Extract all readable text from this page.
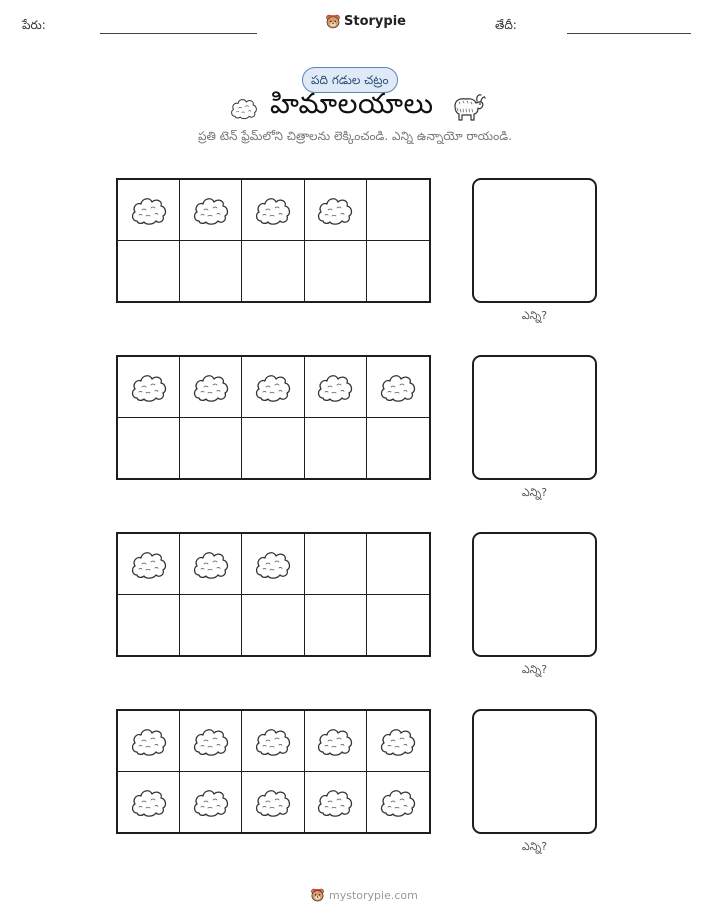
పేరు:	Storypie	తేదీ:
పది గడుల చట్రం
హిమాలయాలు
ప్రతి టెన్ ఫ్రేమ్‌లోని చిత్రాలను లెక్కించండి. ఎన్ని ఉన్నాయో రాయండి.
ఎన్ని?
ఎన్ని?
ఎన్ని?
ఎన్ని?
mystorypie.com
